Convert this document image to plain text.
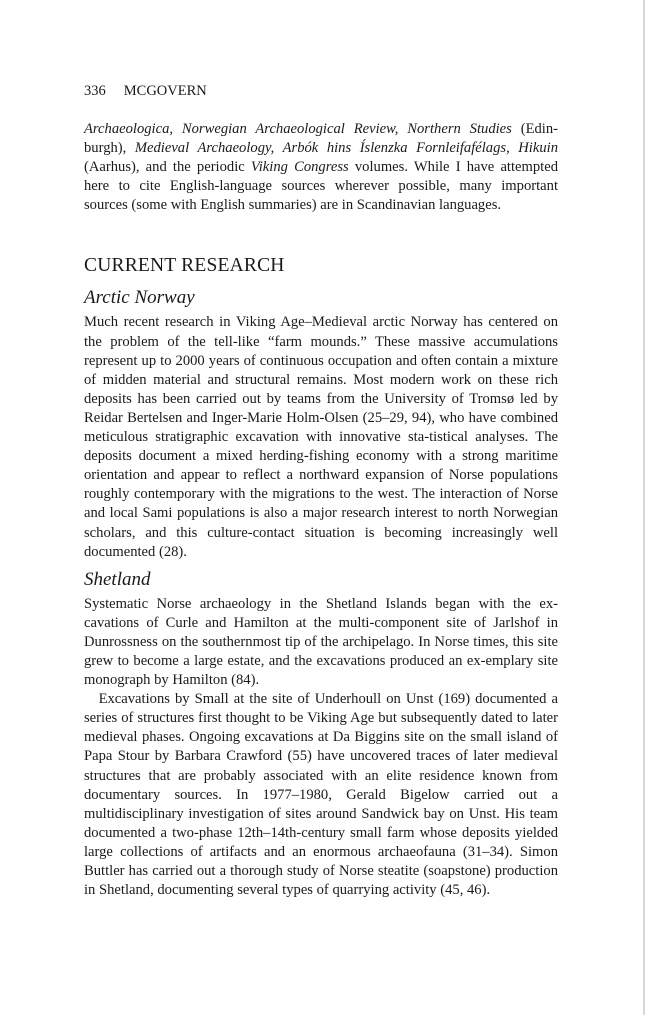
336 MCGOVERN

Archaeologica, Norwegian Archaeological Review, Northern Studies (Edin-burgh), Medieval Archaeology, Arbók hins Íslenzka Fornleifafélags, Hikuin (Aarhus), and the periodic Viking Congress volumes. While I have attempted here to cite English-language sources wherever possible, many important sources (some with English summaries) are in Scandinavian languages.

CURRENT RESEARCH
Arctic Norway

Much recent research in Viking Age–Medieval arctic Norway has centered on the problem of the tell-like “farm mounds.” These massive accumulations represent up to 2000 years of continuous occupation and often contain a mixture of midden material and structural remains. Most modern work on these rich deposits has been carried out by teams from the University of Tromsø led by Reidar Bertelsen and Inger-Marie Holm-Olsen (25–29, 94), who have combined meticulous stratigraphic excavation with innovative sta-tistical analyses. The deposits document a mixed herding-fishing economy with a strong maritime orientation and appear to reflect a northward expansion of Norse populations roughly contemporary with the migrations to the west. The interaction of Norse and local Sami populations is also a major research interest to north Norwegian scholars, and this culture-contact situation is becoming increasingly well documented (28).

Shetland

Systematic Norse archaeology in the Shetland Islands began with the ex-cavations of Curle and Hamilton at the multi-component site of Jarlshof in Dunrossness on the southernmost tip of the archipelago. In Norse times, this site grew to become a large estate, and the excavations produced an ex-emplary site monograph by Hamilton (84).

Excavations by Small at the site of Underhoull on Unst (169) documented a series of structures first thought to be Viking Age but subsequently dated to later medieval phases. Ongoing excavations at Da Biggins site on the small island of Papa Stour by Barbara Crawford (55) have uncovered traces of later medieval structures that are probably associated with an elite residence known from documentary sources. In 1977–1980, Gerald Bigelow carried out a multidisciplinary investigation of sites around Sandwick bay on Unst. His team documented a two-phase 12th–14th-century small farm whose deposits yielded large collections of artifacts and an enormous archaeofauna (31–34). Simon Buttler has carried out a thorough study of Norse steatite (soapstone) production in Shetland, documenting several types of quarrying activity (45, 46).
